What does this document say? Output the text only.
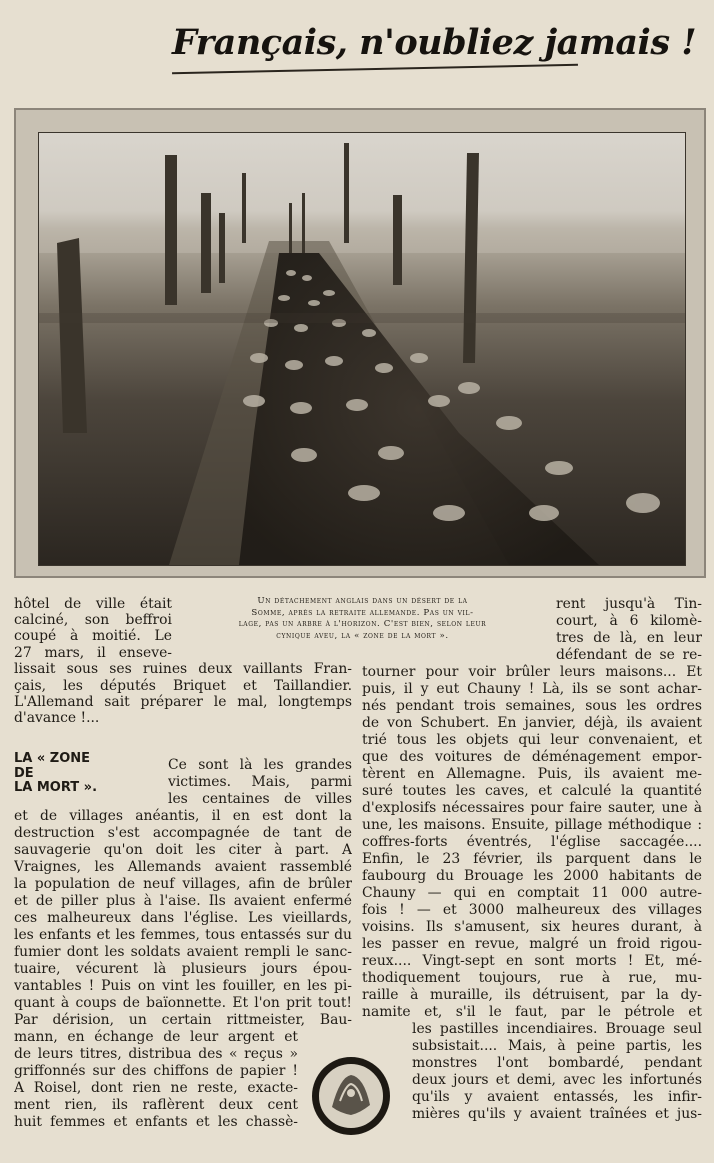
Français, n'oubliez jamais !
Un détachement anglais dans un désert de la
Somme, après la retraite allemande. Pas un vil-
lage, pas un arbre à l'horizon. C'est bien, selon leur
cynique aveu, la « zone de la mort ».
hôtel de ville était
calciné, son beffroi
coupé à moitié. Le
27 mars, il enseve-
lissait sous ses ruines deux vaillants Fran-
çais, les députés Briquet et Taillandier.
L'Allemand sait préparer le mal, longtemps
d'avance !...
LA « ZONE
DE
LA MORT ».
Ce sont là les grandes
victimes. Mais, parmi
les centaines de villes
et de villages anéantis, il en est dont la
destruction s'est accompagnée de tant de
sauvagerie qu'on doit les citer à part. A
Vraignes, les Allemands avaient rassemblé
la population de neuf villages, afin de brûler
et de piller plus à l'aise. Ils avaient enfermé
ces malheureux dans l'église. Les vieillards,
les enfants et les femmes, tous entassés sur du
fumier dont les soldats avaient rempli le sanc-
tuaire, vécurent là plusieurs jours épou-
vantables ! Puis on vint les fouiller, en les pi-
quant à coups de baïonnette. Et l'on prit tout!
Par dérision, un certain rittmeister, Bau-
mann, en échange de leur argent et
de leurs titres, distribua des « reçus »
griffonnés sur des chiffons de papier !
A Roisel, dont rien ne reste, exacte-
ment rien, ils raflèrent deux cent
huit femmes et enfants et les chassè-
rent jusqu'à Tin-
court, à 6 kilomè-
tres de là, en leur
défendant de se re-
tourner pour voir brûler leurs maisons... Et
puis, il y eut Chauny ! Là, ils se sont achar-
nés pendant trois semaines, sous les ordres
de von Schubert. En janvier, déjà, ils avaient
trié tous les objets qui leur convenaient, et
que des voitures de déménagement empor-
tèrent en Allemagne. Puis, ils avaient me-
suré toutes les caves, et calculé la quantité
d'explosifs nécessaires pour faire sauter, une à
une, les maisons. Ensuite, pillage méthodique :
coffres-forts éventrés, l'église saccagée....
Enfin, le 23 février, ils parquent dans le
faubourg du Brouage les 2000 habitants de
Chauny — qui en comptait 11 000 autre-
fois ! — et 3000 malheureux des villages
voisins. Ils s'amusent, six heures durant, à
les passer en revue, malgré un froid rigou-
reux.... Vingt-sept en sont morts ! Et, mé-
thodiquement toujours, rue à rue, mu-
raille à muraille, ils détruisent, par la dy-
namite et, s'il le faut, par le pétrole et
les pastilles incendiaires. Brouage seul
subsistait.... Mais, à peine partis, les
monstres l'ont bombardé, pendant
deux jours et demi, avec les infortunés
qu'ils y avaient entassés, les infir-
mières qu'ils y avaient traînées et jus-
